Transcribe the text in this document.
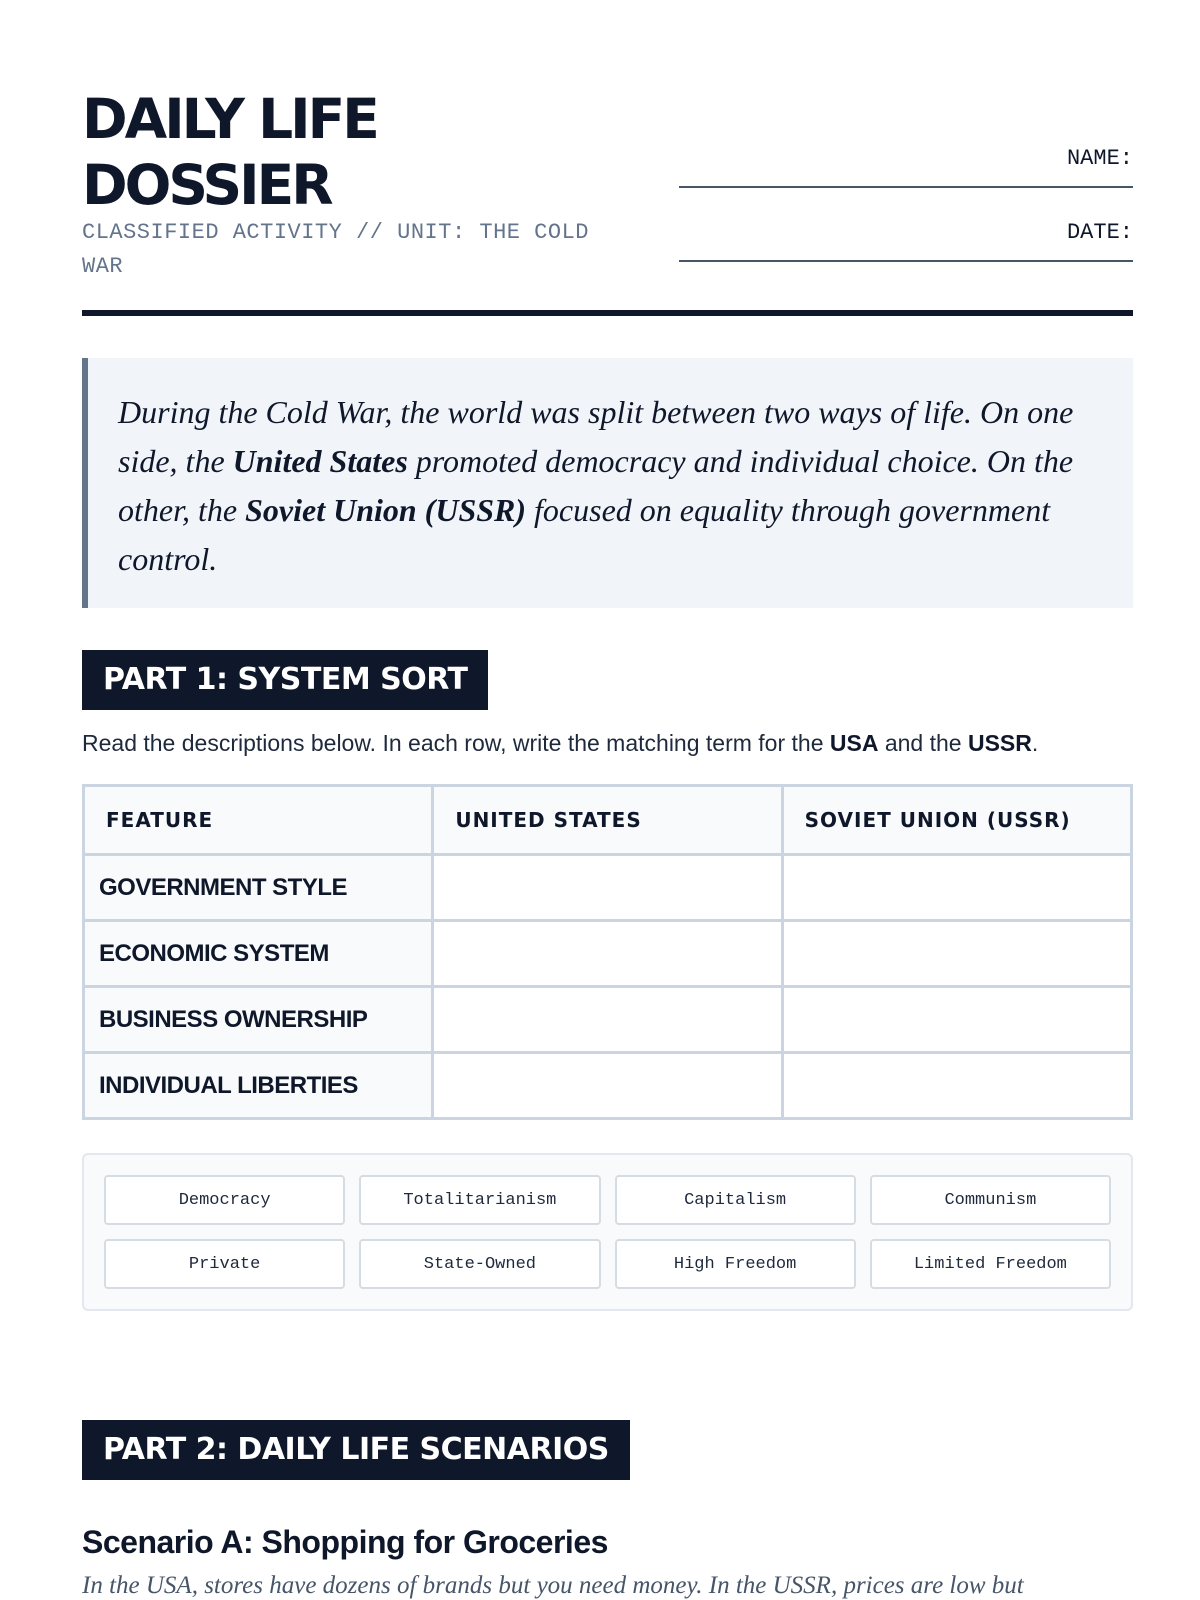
DAILY LIFE
DOSSIER
CLASSIFIED ACTIVITY // UNIT: THE COLD WAR
NAME:
DATE:
During the Cold War, the world was split between two ways of life. On one side, the United States promoted democracy and individual choice. On the other, the Soviet Union (USSR) focused on equality through government control.
PART 1: SYSTEM SORT
Read the descriptions below. In each row, write the matching term for the USA and the USSR.
FEATURE	UNITED STATES	SOVIET UNION (USSR)
GOVERNMENT STYLE		
ECONOMIC SYSTEM		
BUSINESS OWNERSHIP		
INDIVIDUAL LIBERTIES		
Democracy	Totalitarianism	Capitalism	Communism
Private	State-Owned	High Freedom	Limited Freedom
PART 2: DAILY LIFE SCENARIOS
Scenario A: Shopping for Groceries
In the USA, stores have dozens of brands but you need money. In the USSR, prices are low but
